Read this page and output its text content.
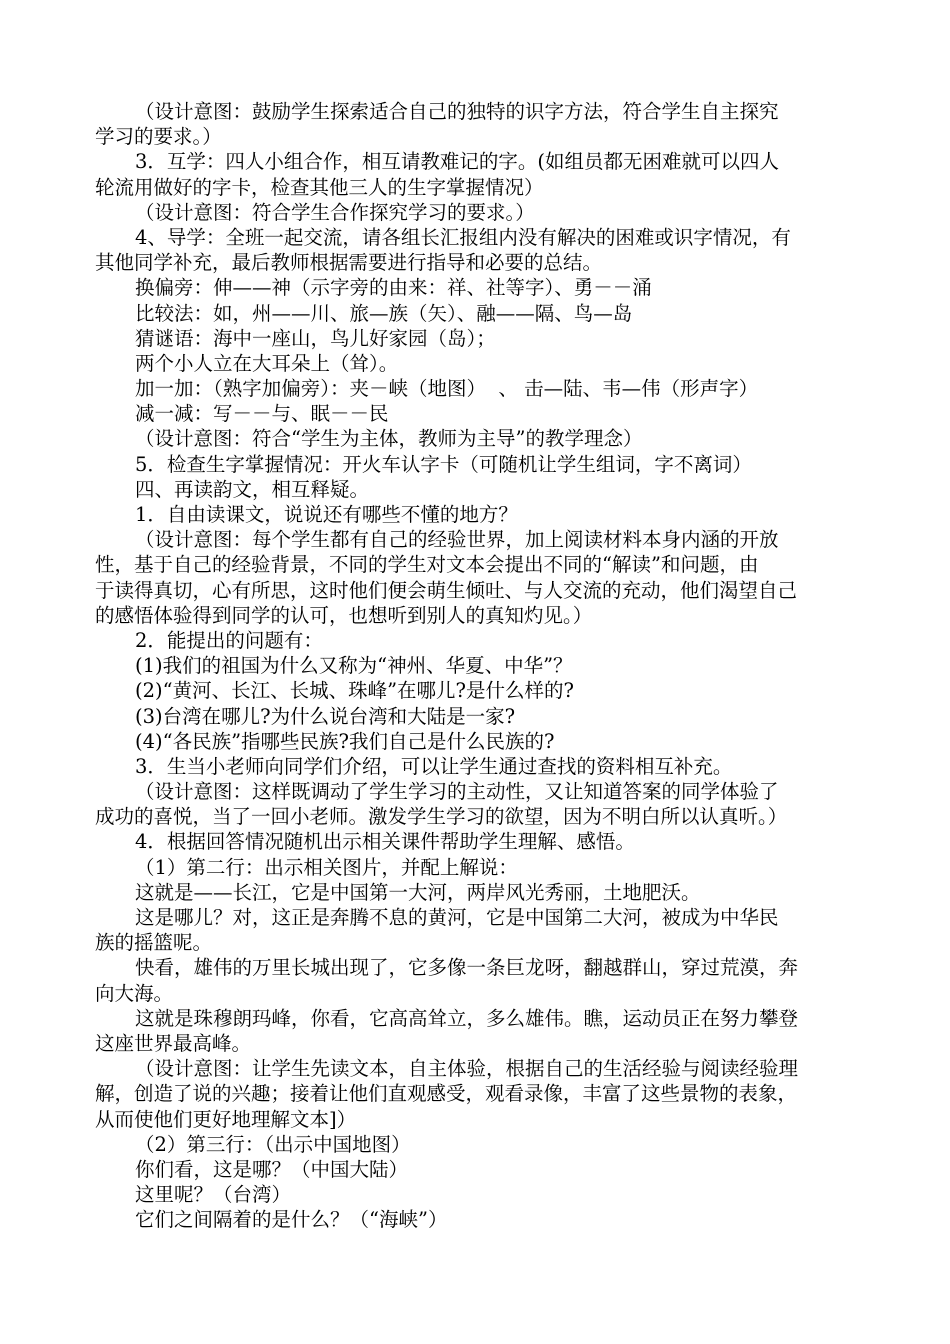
（设计意图：鼓励学生探索适合自己的独特的识字方法，符合学生自主探究
学习的要求。）
3．互学：四人小组合作，相互请教难记的字。(如组员都无困难就可以四人
轮流用做好的字卡，检查其他三人的生字掌握情况）
（设计意图：符合学生合作探究学习的要求。）
4、导学：全班一起交流，请各组长汇报组内没有解决的困难或识字情况，有
其他同学补充，最后教师根据需要进行指导和必要的总结。
换偏旁：伸——神（示字旁的由来：祥、社等字）、勇－－涌
比较法：如，州——川、旅—族（矢）、融——隔、鸟—岛
猜谜语：海中一座山，鸟儿好家园（岛）；
两个小人立在大耳朵上（耸）。
加一加：（熟字加偏旁）：夹－峡（地图）  、 击—陆、韦—伟（形声字）
减一减：写－－与、眠－－民
（设计意图：符合“学生为主体，教师为主导”的教学理念）
5．检查生字掌握情况：开火车认字卡（可随机让学生组词，字不离词）
四、再读韵文，相互释疑。
1．自由读课文，说说还有哪些不懂的地方？
（设计意图：每个学生都有自己的经验世界，加上阅读材料本身内涵的开放
性，基于自己的经验背景，不同的学生对文本会提出不同的“解读”和问题，由
于读得真切，心有所思，这时他们便会萌生倾吐、与人交流的充动，他们渴望自己
的感悟体验得到同学的认可，也想听到别人的真知灼见。）
2．能提出的问题有：
(1)我们的祖国为什么又称为“神州、华夏、中华”？
(2)“黄河、长江、长城、珠峰”在哪儿?是什么样的?
(3)台湾在哪儿?为什么说台湾和大陆是一家?
(4)“各民族”指哪些民族?我们自己是什么民族的?
3．生当小老师向同学们介绍，可以让学生通过查找的资料相互补充。
（设计意图：这样既调动了学生学习的主动性，又让知道答案的同学体验了
成功的喜悦，当了一回小老师。激发学生学习的欲望，因为不明白所以认真听。）
4．根据回答情况随机出示相关课件帮助学生理解、感悟。
（1）第二行：出示相关图片，并配上解说：
这就是——长江，它是中国第一大河，两岸风光秀丽，土地肥沃。
这是哪儿？对，这正是奔腾不息的黄河，它是中国第二大河，被成为中华民
族的摇篮呢。
快看，雄伟的万里长城出现了，它多像一条巨龙呀，翻越群山，穿过荒漠，奔
向大海。
这就是珠穆朗玛峰，你看，它高高耸立，多么雄伟。瞧，运动员正在努力攀登
这座世界最高峰。
（设计意图：让学生先读文本，自主体验，根据自己的生活经验与阅读经验理
解，创造了说的兴趣；接着让他们直观感受，观看录像，丰富了这些景物的表象，
从而使他们更好地理解文本]）
（2）第三行：（出示中国地图）
你们看，这是哪？（中国大陆）
这里呢？（台湾）
它们之间隔着的是什么？（“海峡”）
